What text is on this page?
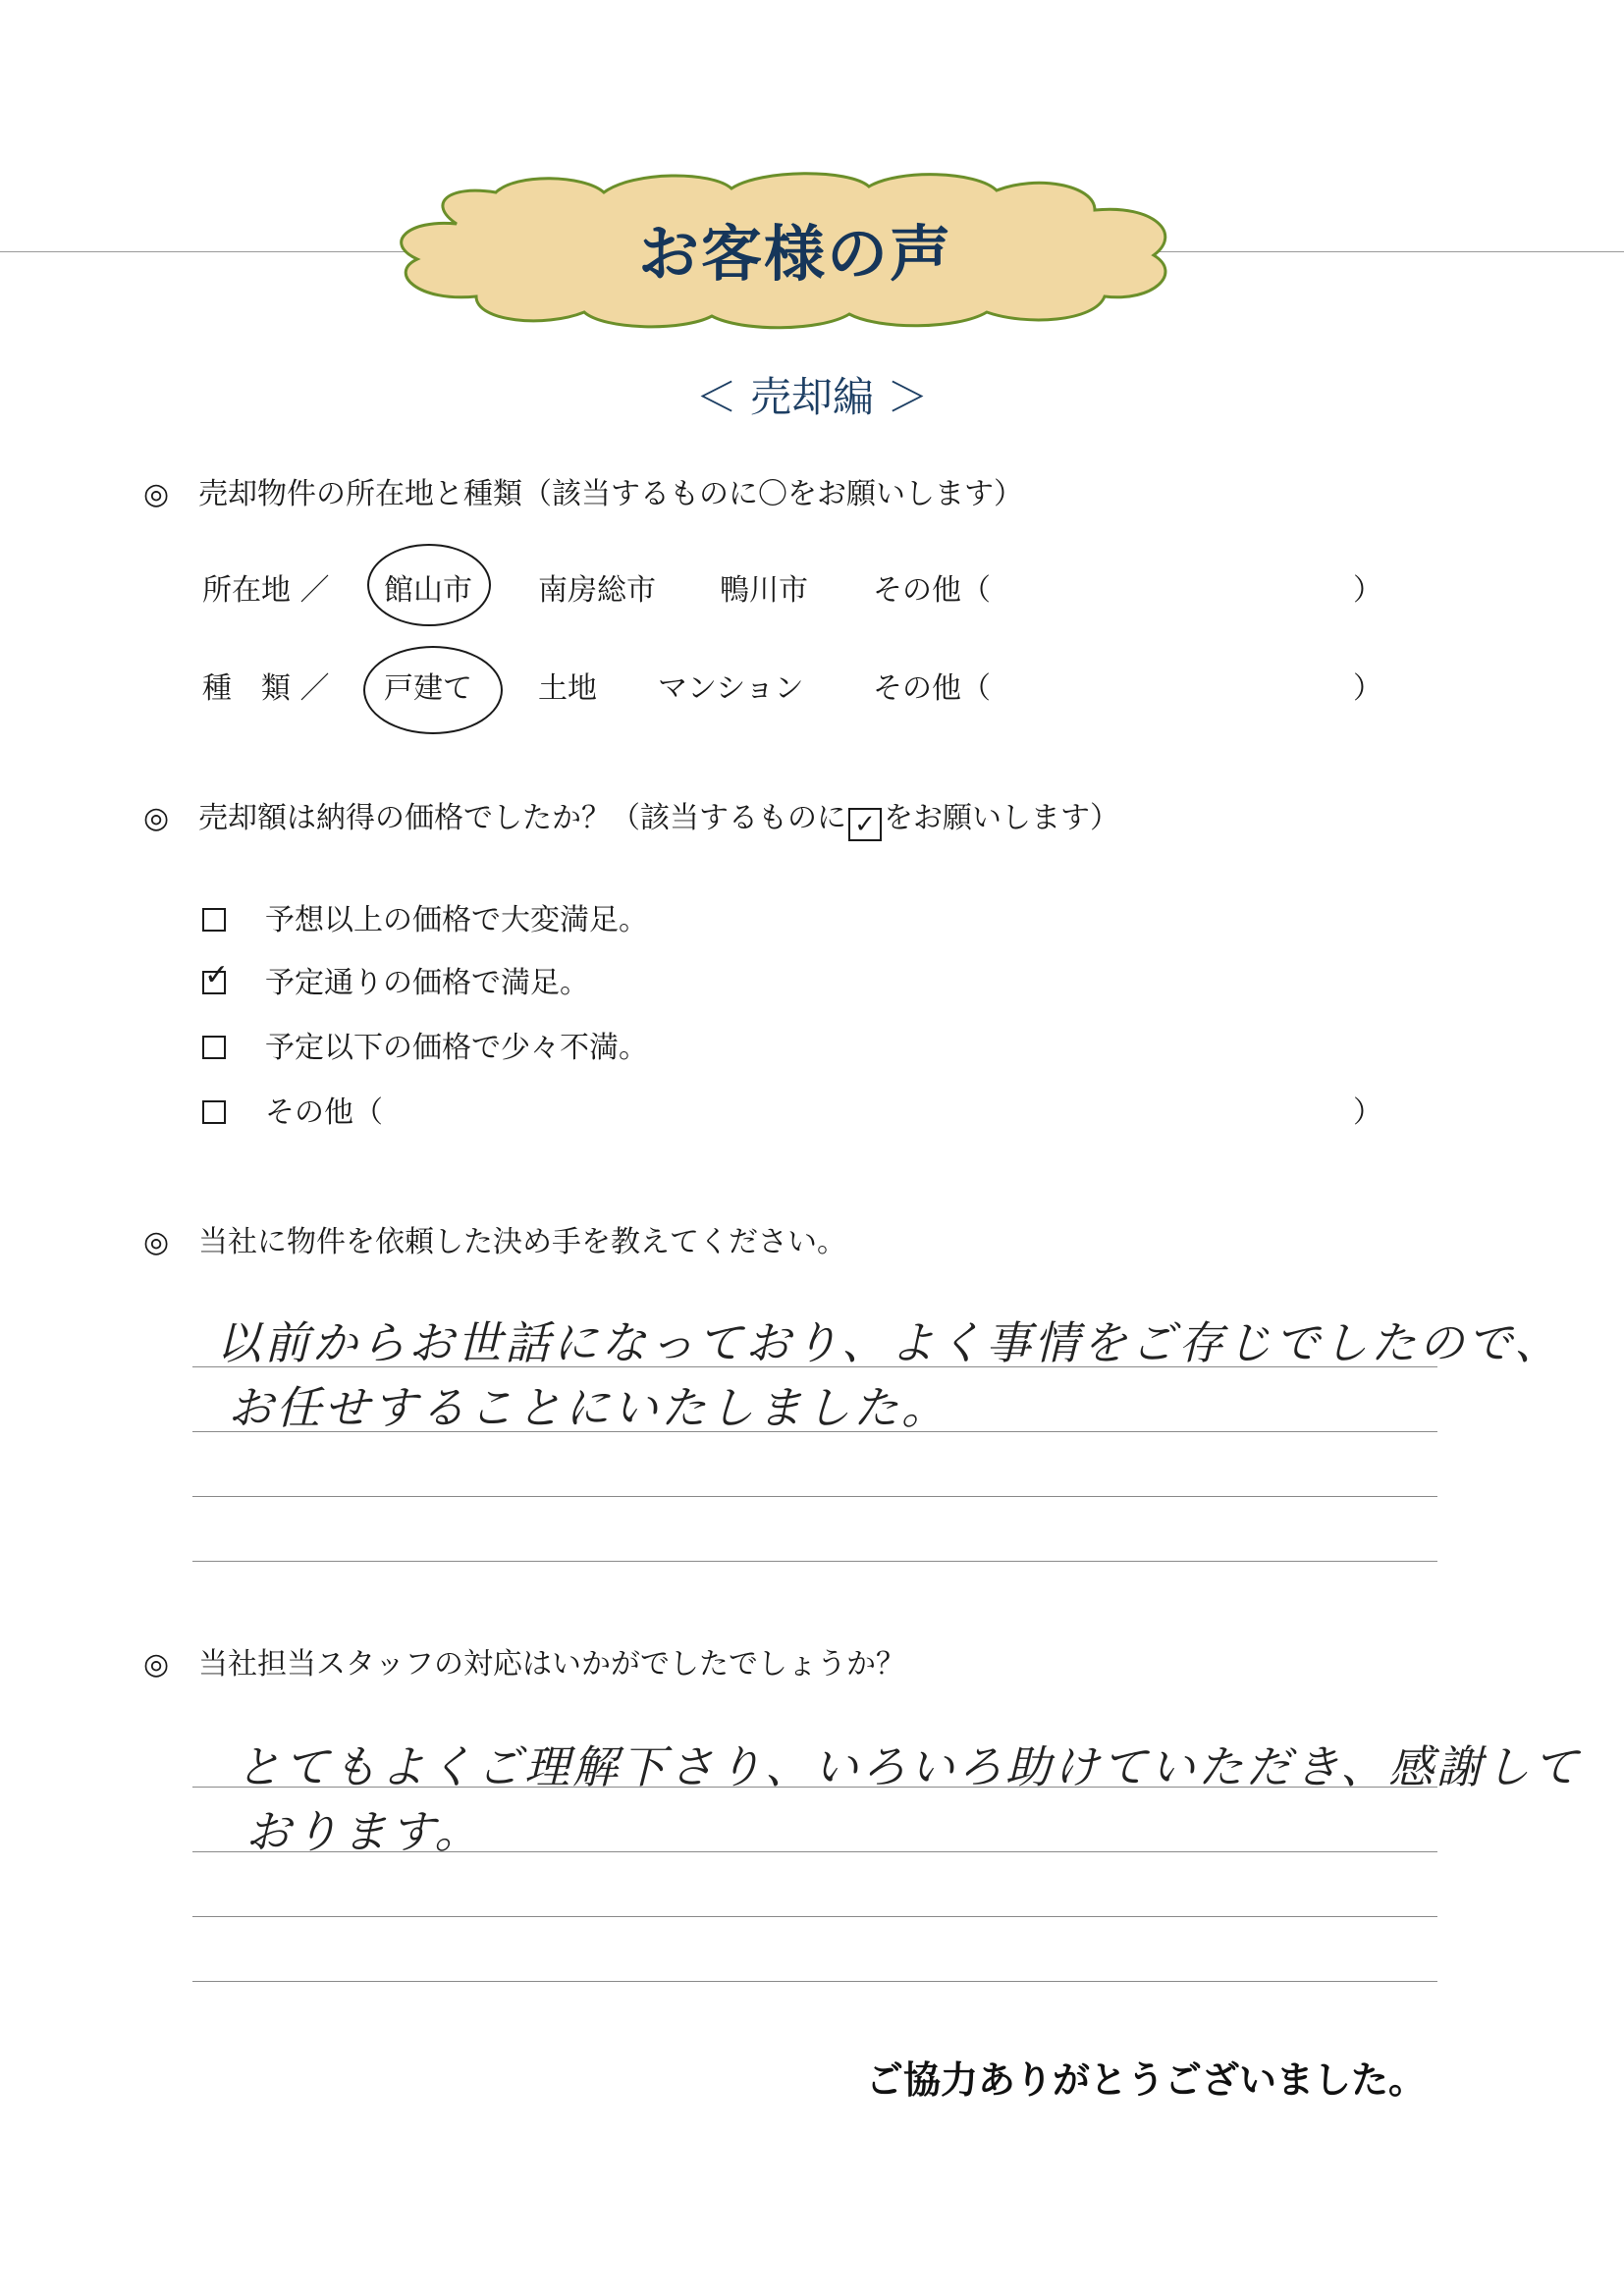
お客様の声
＜ 売却編 ＞
◎ 売却物件の所在地と種類（該当するものに〇をお願いします）
所在地 ／ 館山市 南房総市 鴨川市 その他（	）
種　類 ／ 戸建て 土地 マンション その他（	）
◎ 売却額は納得の価格でしたか？（該当するものに ✓ をお願いします）
予想以上の価格で大変満足。
✓ 予定通りの価格で満足。
予定以下の価格で少々不満。
その他（	）
◎ 当社に物件を依頼した決め手を教えてください。
以前からお世話になっており、よく事情をご存じでしたので、
お任せすることにいたしました。
◎ 当社担当スタッフの対応はいかがでしたでしょうか？
とてもよくご理解下さり、いろいろ助けていただき、感謝して
おります。
ご協力ありがとうございました。
